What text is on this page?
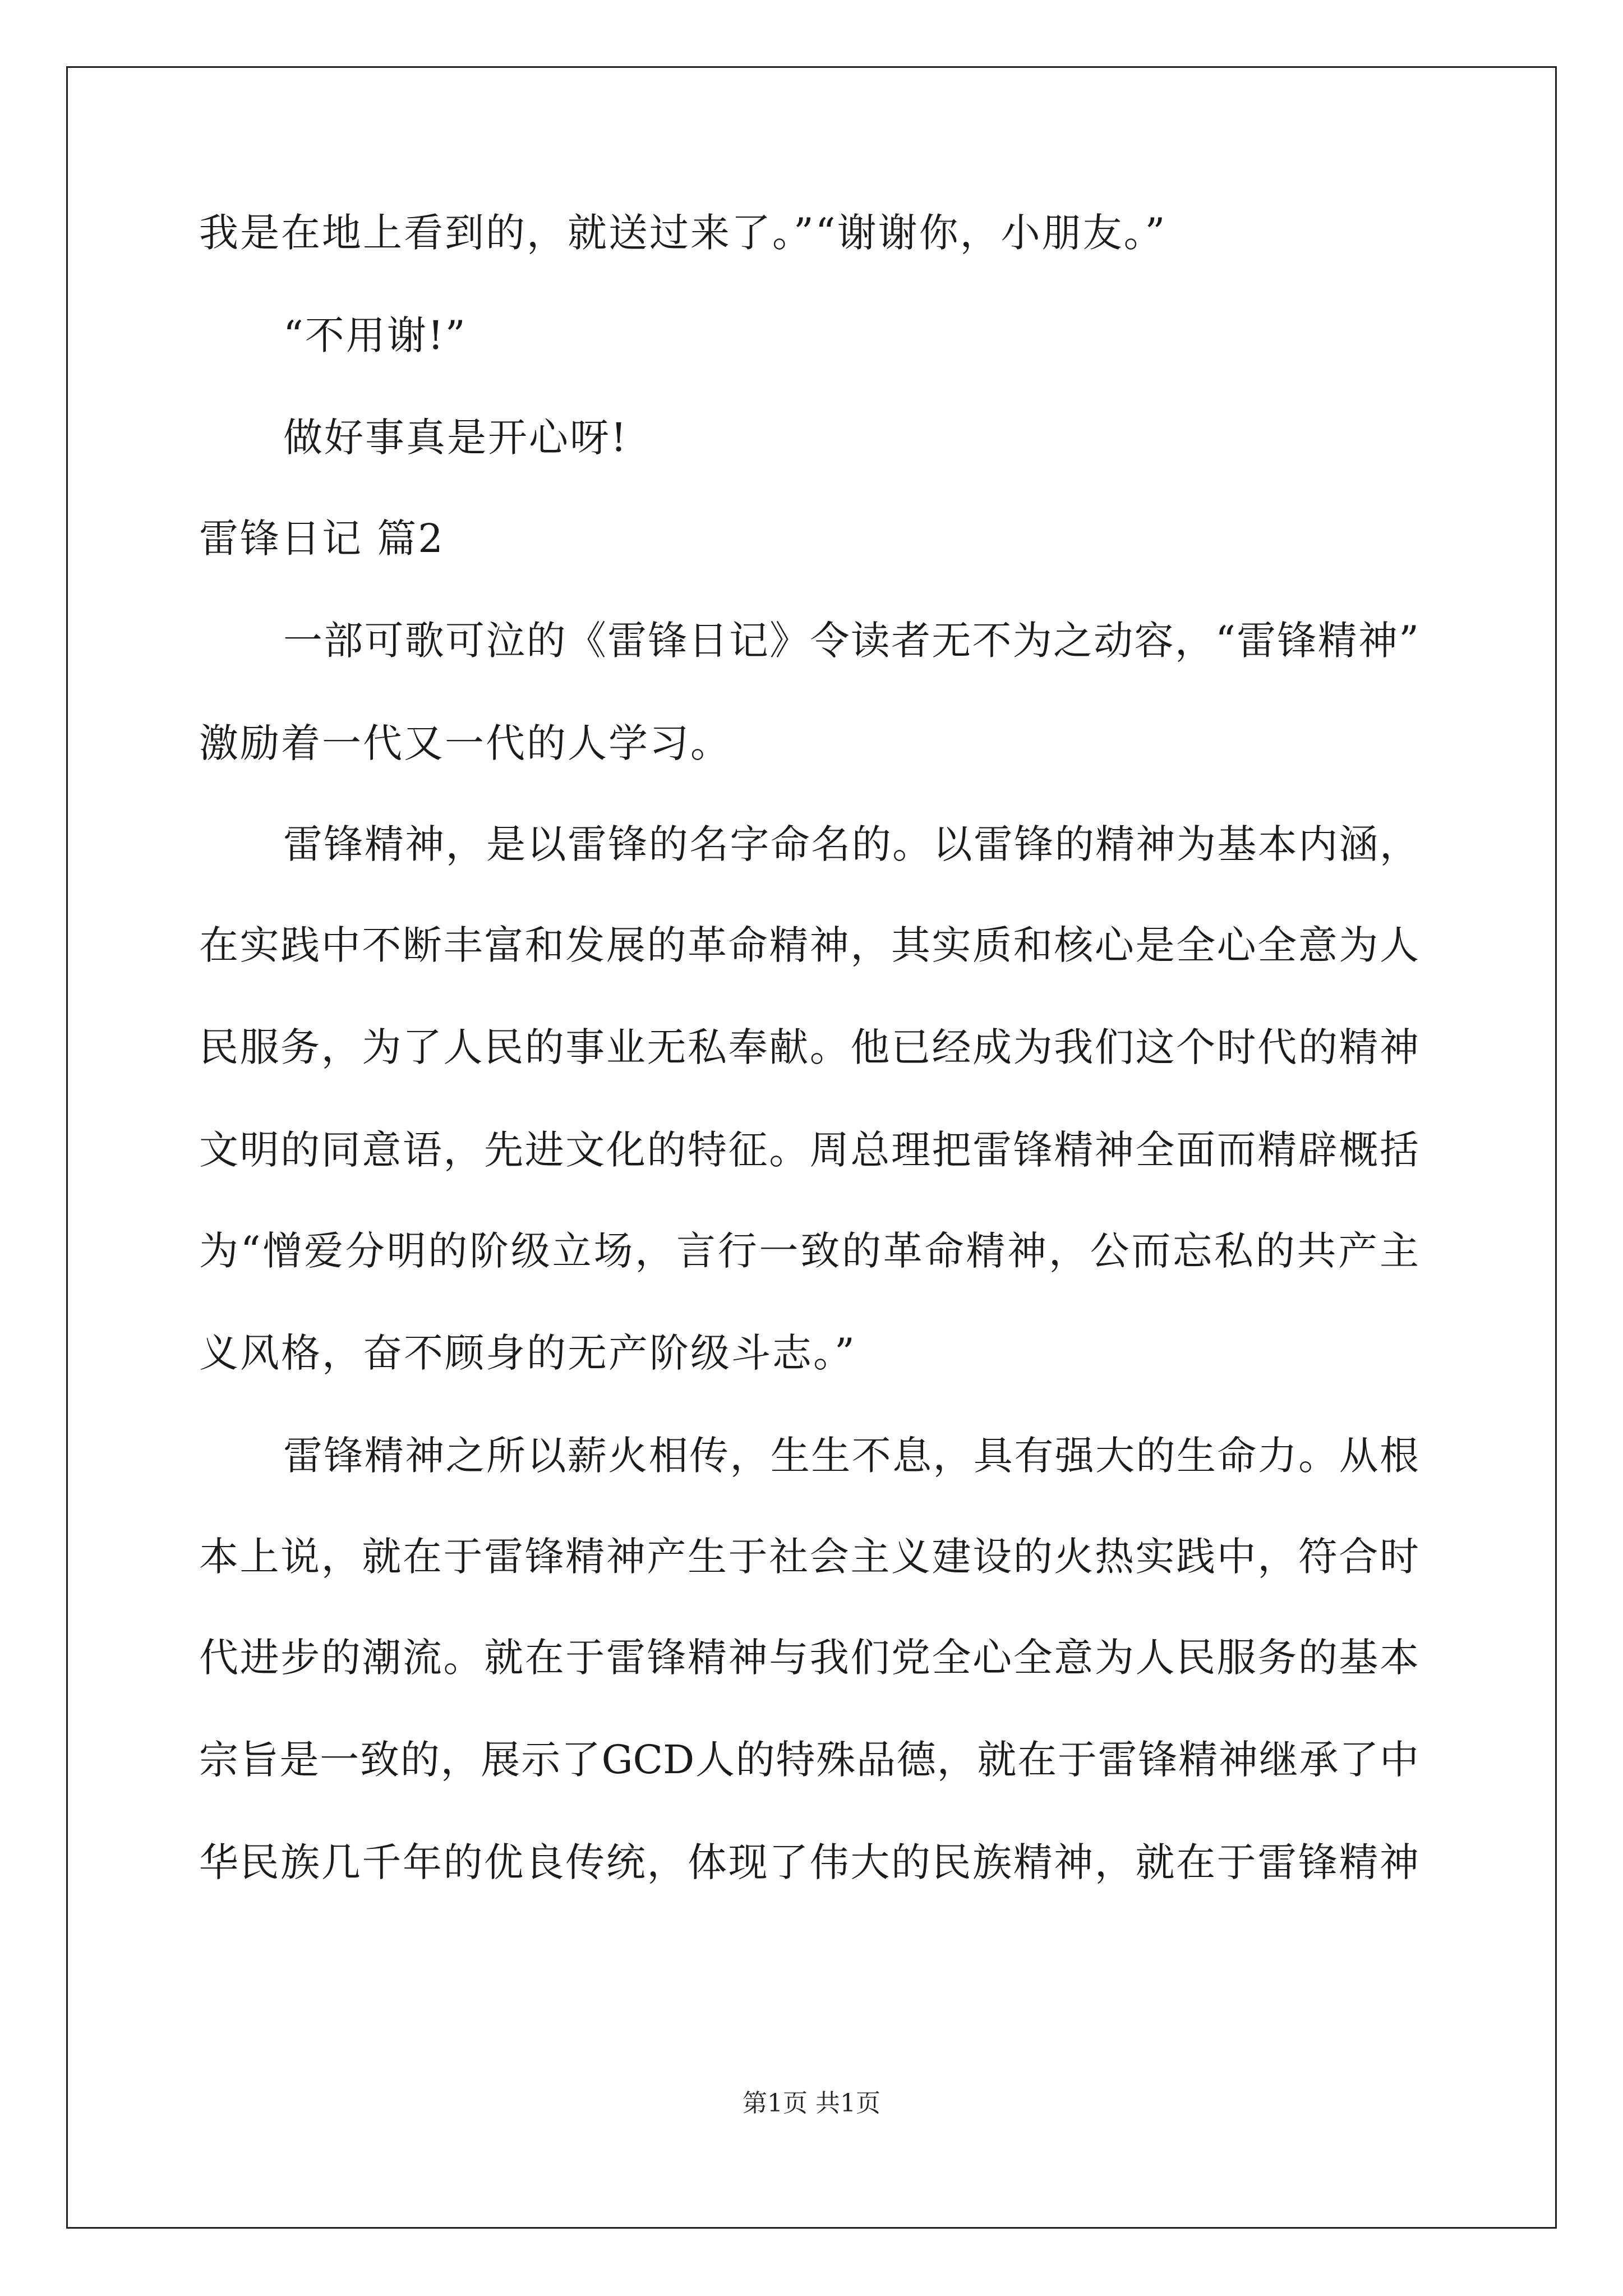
我是在地上看到的，就送过来了。”“谢谢你，小朋友。”
“不用谢!”
做好事真是开心呀!
雷锋日记 篇2
一部可歌可泣的《雷锋日记》令读者无不为之动容，“雷锋精神”
激励着一代又一代的人学习。
雷锋精神，是以雷锋的名字命名的。以雷锋的精神为基本内涵，
在实践中不断丰富和发展的革命精神，其实质和核心是全心全意为人
民服务，为了人民的事业无私奉献。他已经成为我们这个时代的精神
文明的同意语，先进文化的特征。周总理把雷锋精神全面而精辟概括
为“憎爱分明的阶级立场，言行一致的革命精神，公而忘私的共产主
义风格，奋不顾身的无产阶级斗志。”
雷锋精神之所以薪火相传，生生不息，具有强大的生命力。从根
本上说，就在于雷锋精神产生于社会主义建设的火热实践中，符合时
代进步的潮流。就在于雷锋精神与我们党全心全意为人民服务的基本
宗旨是一致的，展示了GCD人的特殊品德，就在于雷锋精神继承了中
华民族几千年的优良传统，体现了伟大的民族精神，就在于雷锋精神
第1页 共1页
